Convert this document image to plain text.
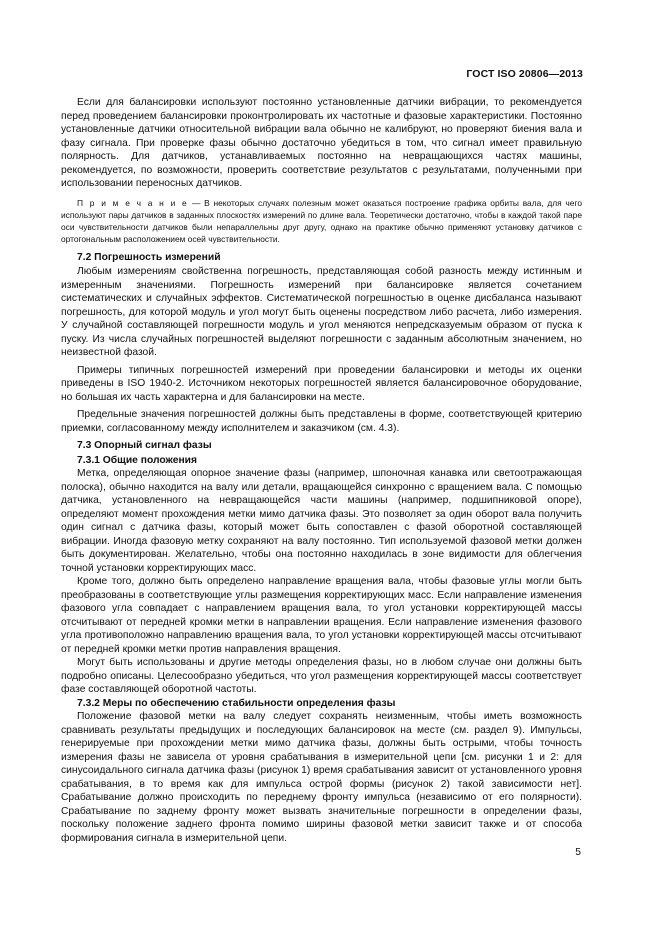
ГОСТ ISO 20806—2013

Если для балансировки используют постоянно установленные датчики вибрации, то рекомендуется перед проведением балансировки проконтролировать их частотные и фазовые характеристики. Постоянно установленные датчики относительной вибрации вала обычно не калибруют, но проверяют биения вала и фазу сигнала. При проверке фазы обычно достаточно убедиться в том, что сигнал имеет правильную полярность. Для датчиков, устанавливаемых постоянно на невращающихся частях машины, рекомендуется, по возможности, проверить соответствие результатов с результатами, полученными при использовании переносных датчиков.

П р и м е ч а н и е — В некоторых случаях полезным может оказаться построение графика орбиты вала, для чего используют пары датчиков в заданных плоскостях измерений по длине вала. Теоретически достаточно, чтобы в каждой такой паре оси чувствительности датчиков были непараллельны друг другу, однако на практике обычно применяют установку датчиков с ортогональным расположением осей чувствительности.

7.2 Погрешность измерений

Любым измерениям свойственна погрешность, представляющая собой разность между истинным и измеренным значениями. Погрешность измерений при балансировке является сочетанием систематических и случайных эффектов. Систематической погрешностью в оценке дисбаланса называют погрешность, для которой модуль и угол могут быть оценены посредством либо расчета, либо измерения. У случайной составляющей погрешности модуль и угол меняются непредсказуемым образом от пуска к пуску. Из числа случайных погрешностей выделяют погрешности с заданным абсолютным значением, но неизвестной фазой.

Примеры типичных погрешностей измерений при проведении балансировки и методы их оценки приведены в ISO 1940-2. Источником некоторых погрешностей является балансировочное оборудование, но большая их часть характерна и для балансировки на месте.

Предельные значения погрешностей должны быть представлены в форме, соответствующей критерию приемки, согласованному между исполнителем и заказчиком (см. 4.3).

7.3 Опорный сигнал фазы
7.3.1 Общие положения

Метка, определяющая опорное значение фазы (например, шпоночная канавка или светоотражающая полоска), обычно находится на валу или детали, вращающейся синхронно с вращением вала. С помощью датчика, установленного на невращающейся части машины (например, подшипниковой опоре), определяют момент прохождения метки мимо датчика фазы. Это позволяет за один оборот вала получить один сигнал с датчика фазы, который может быть сопоставлен с фазой оборотной составляющей вибрации. Иногда фазовую метку сохраняют на валу постоянно. Тип используемой фазовой метки должен быть документирован. Желательно, чтобы она постоянно находилась в зоне видимости для облегчения точной установки корректирующих масс.

Кроме того, должно быть определено направление вращения вала, чтобы фазовые углы могли быть преобразованы в соответствующие углы размещения корректирующих масс. Если направление изменения фазового угла совпадает с направлением вращения вала, то угол установки корректирующей массы отсчитывают от передней кромки метки в направлении вращения. Если направление изменения фазового угла противоположно направлению вращения вала, то угол установки корректирующей массы отсчитывают от передней кромки метки против направления вращения.

Могут быть использованы и другие методы определения фазы, но в любом случае они должны быть подробно описаны. Целесообразно убедиться, что угол размещения корректирующей массы соответствует фазе составляющей оборотной частоты.

7.3.2 Меры по обеспечению стабильности определения фазы

Положение фазовой метки на валу следует сохранять неизменным, чтобы иметь возможность сравнивать результаты предыдущих и последующих балансировок на месте (см. раздел 9). Импульсы, генерируемые при прохождении метки мимо датчика фазы, должны быть острыми, чтобы точность измерения фазы не зависела от уровня срабатывания в измерительной цепи [см. рисунки 1 и 2: для синусоидального сигнала датчика фазы (рисунок 1) время срабатывания зависит от установленного уровня срабатывания, в то время как для импульса острой формы (рисунок 2) такой зависимости нет]. Срабатывание должно происходить по переднему фронту импульса (независимо от его полярности). Срабатывание по заднему фронту может вызвать значительные погрешности в определении фазы, поскольку положение заднего фронта помимо ширины фазовой метки зависит также и от способа формирования сигнала в измерительной цепи.

5
